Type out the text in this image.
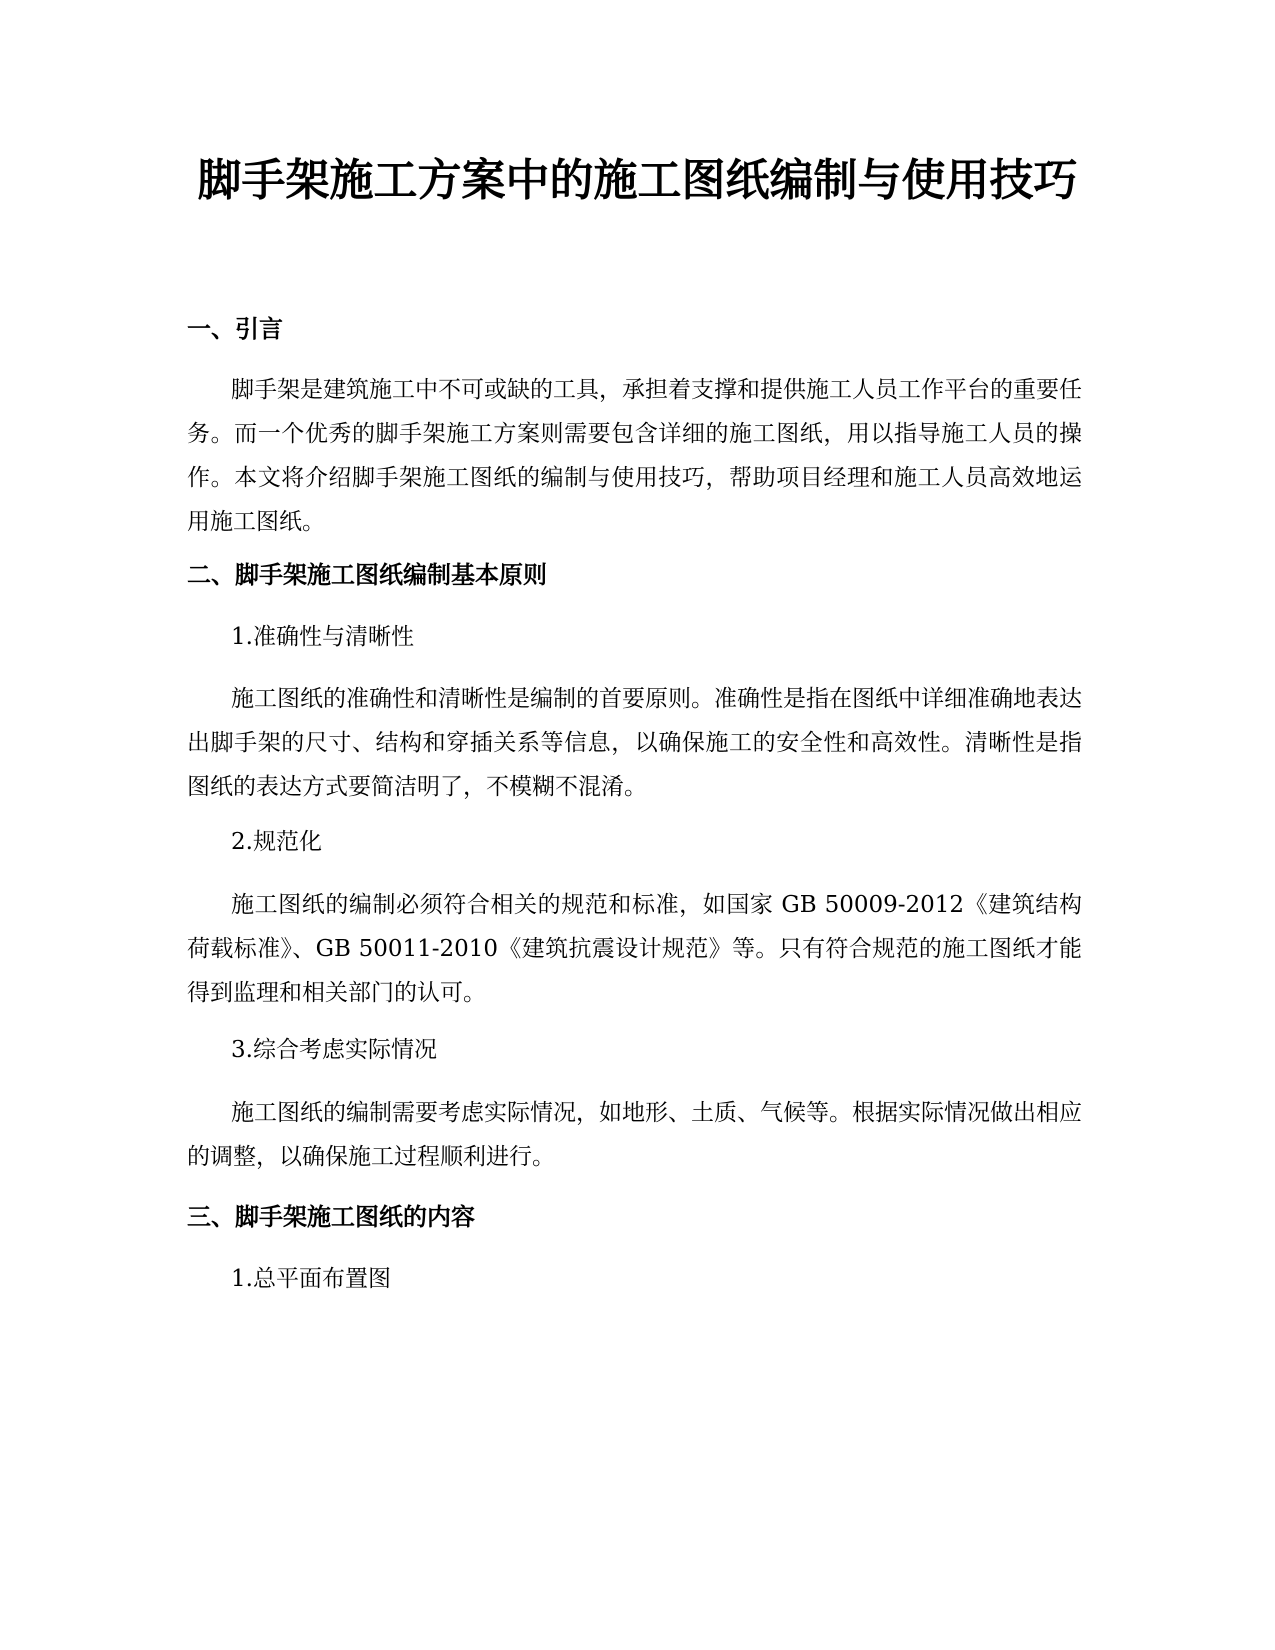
脚手架施工方案中的施工图纸编制与使用技巧
一、引言

脚手架是建筑施工中不可或缺的工具，承担着支撑和提供施工人员工作平台的重要任务。而一个优秀的脚手架施工方案则需要包含详细的施工图纸，用以指导施工人员的操作。本文将介绍脚手架施工图纸的编制与使用技巧，帮助项目经理和施工人员高效地运用施工图纸。

二、脚手架施工图纸编制基本原则

1.准确性与清晰性

施工图纸的准确性和清晰性是编制的首要原则。准确性是指在图纸中详细准确地表达出脚手架的尺寸、结构和穿插关系等信息，以确保施工的安全性和高效性。清晰性是指图纸的表达方式要简洁明了，不模糊不混淆。

2.规范化

施工图纸的编制必须符合相关的规范和标准，如国家 GB 50009-2012《建筑结构荷载标准》、GB 50011-2010《建筑抗震设计规范》等。只有符合规范的施工图纸才能得到监理和相关部门的认可。

3.综合考虑实际情况

施工图纸的编制需要考虑实际情况，如地形、土质、气候等。根据实际情况做出相应的调整，以确保施工过程顺利进行。

三、脚手架施工图纸的内容

1.总平面布置图
